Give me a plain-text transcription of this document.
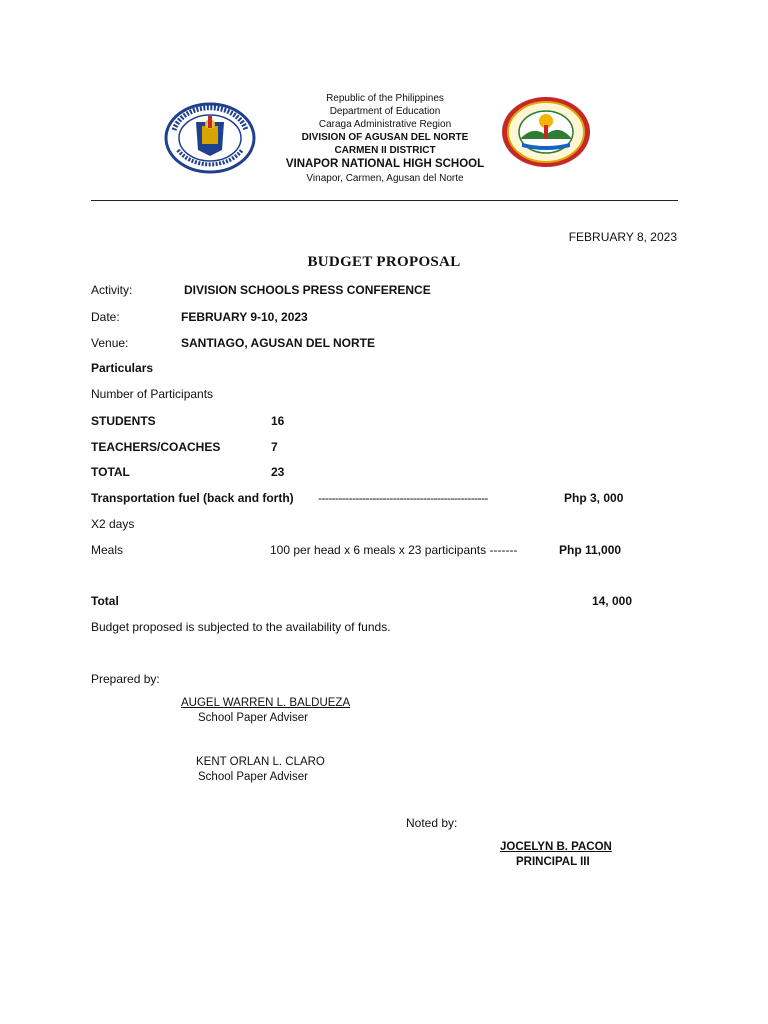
Republic of the Philippines
Department of Education
Caraga Administrative Region
DIVISION OF AGUSAN DEL NORTE
CARMEN II DISTRICT
VINAPOR NATIONAL HIGH SCHOOL
Vinapor, Carmen, Agusan del Norte
FEBRUARY 8, 2023
BUDGET PROPOSAL
Activity:	DIVISION SCHOOLS PRESS CONFERENCE
Date:	FEBRUARY 9-10, 2023
Venue:	SANTIAGO, AGUSAN DEL NORTE
Particulars
Number of Participants
STUDENTS	16
TEACHERS/COACHES	7
TOTAL	23
Transportation fuel (back and forth) --------------------------------------------------	Php 3, 000
X2 days
Meals	100 per head x 6 meals x 23 participants -------	Php 11,000
Total	14, 000
Budget proposed is subjected to the availability of funds.
Prepared by:
AUGEL WARREN L. BALDUEZA
School Paper Adviser
KENT ORLAN L. CLARO
School Paper Adviser
Noted by:
JOCELYN B. PACON
PRINCIPAL III
